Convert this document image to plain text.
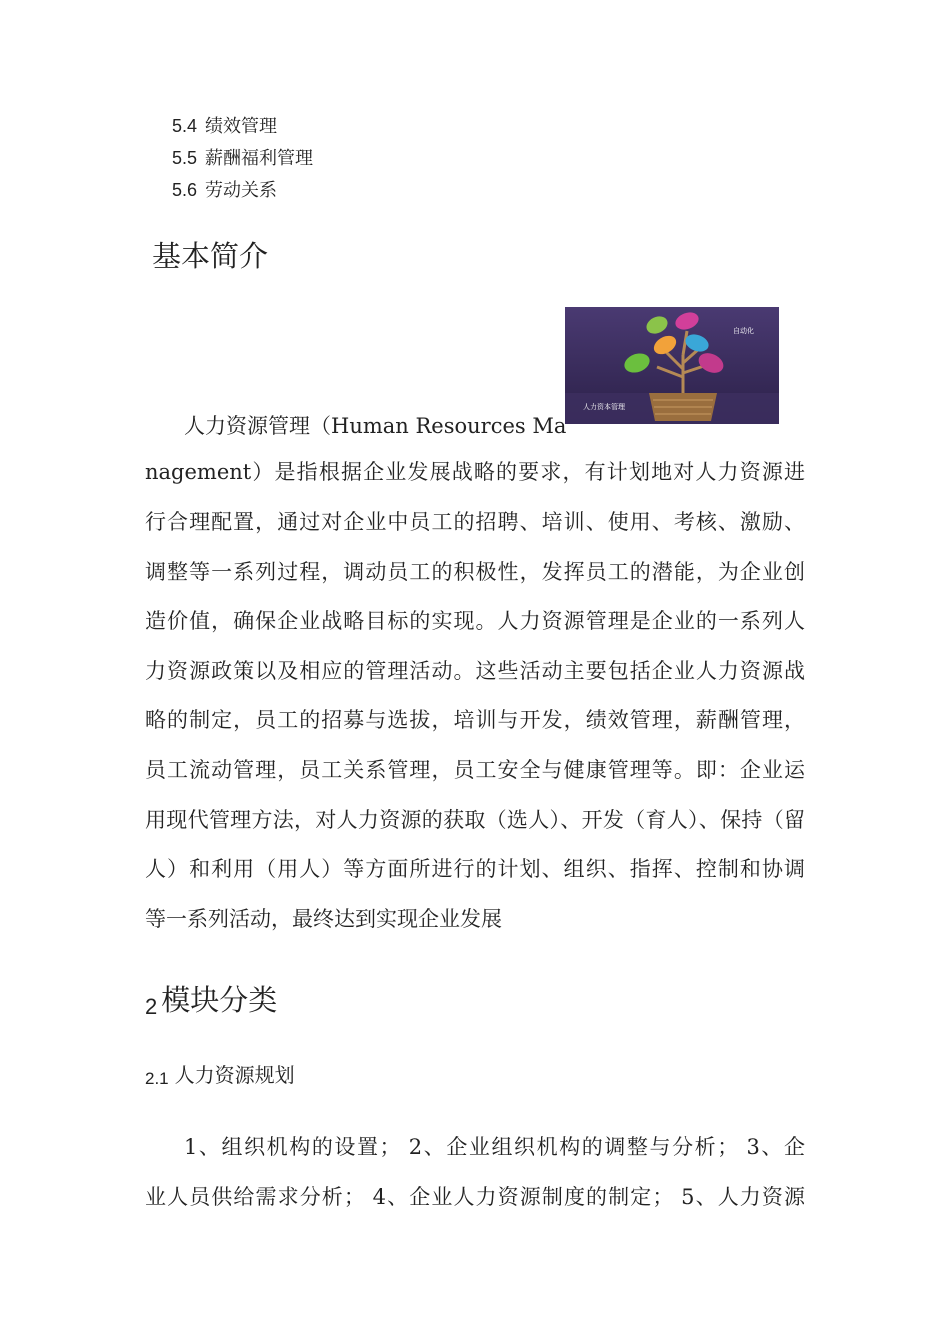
5.4 绩效管理
5.5 薪酬福利管理
5.6 劳动关系
基本简介
自动化
人力资本管理
人力资源管理（Human Resources Ma
nagement）是指根据企业发展战略的要求，有计划地对人力资源进
行合理配置，通过对企业中员工的招聘、培训、使用、考核、激励、
调整等一系列过程，调动员工的积极性，发挥员工的潜能，为企业创
造价值，确保企业战略目标的实现。人力资源管理是企业的一系列人
力资源政策以及相应的管理活动。这些活动主要包括企业人力资源战
略的制定，员工的招募与选拔，培训与开发，绩效管理，薪酬管理，
员工流动管理，员工关系管理，员工安全与健康管理等。即：企业运
用现代管理方法，对人力资源的获取（选人）、开发（育人）、保持（留
人）和利用（用人）等方面所进行的计划、组织、指挥、控制和协调
等一系列活动，最终达到实现企业发展
2 模块分类
2.1 人力资源规划
1、组织机构的设置； 2、企业组织机构的调整与分析； 3、企
业人员供给需求分析； 4、企业人力资源制度的制定； 5、人力资源
